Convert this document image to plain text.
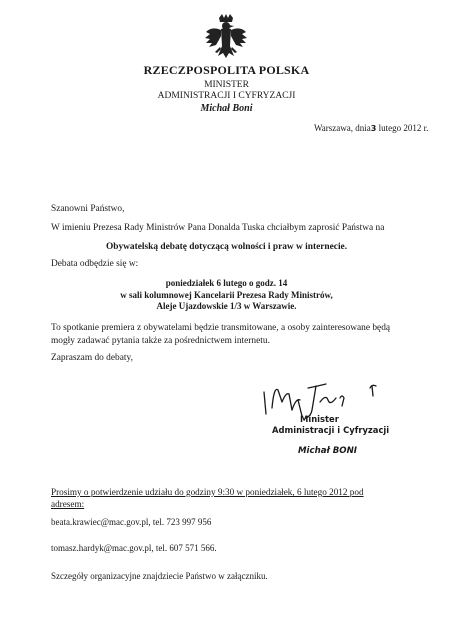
RZECZPOSPOLITA POLSKA
MINISTER
ADMINISTRACJI I CYFRYZACJI
Michał Boni
Warszawa, dnia3 lutego 2012 r.
Szanowni Państwo,
W imieniu Prezesa Rady Ministrów Pana Donalda Tuska chciałbym zaprosić Państwa na
Obywatelską debatę dotyczącą wolności i praw w internecie.
Debata odbędzie się w:
poniedziałek 6 lutego o godz. 14
w sali kolumnowej Kancelarii Prezesa Rady Ministrów,
Aleje Ujazdowskie 1/3 w Warszawie.
To spotkanie premiera z obywatelami będzie transmitowane, a osoby zainteresowane będą
mogły zadawać pytania także za pośrednictwem internetu.
Zapraszam do debaty,
Minister
Administracji i Cyfryzacji
Michał BONI
Prosimy o potwierdzenie udziału do godziny 9:30 w poniedziałek, 6 lutego 2012 pod adresem:
beata.krawiec@mac.gov.pl, tel. 723 997 956
tomasz.hardyk@mac.gov.pl, tel. 607 571 566.
Szczegóły organizacyjne znajdziecie Państwo w załączniku.
